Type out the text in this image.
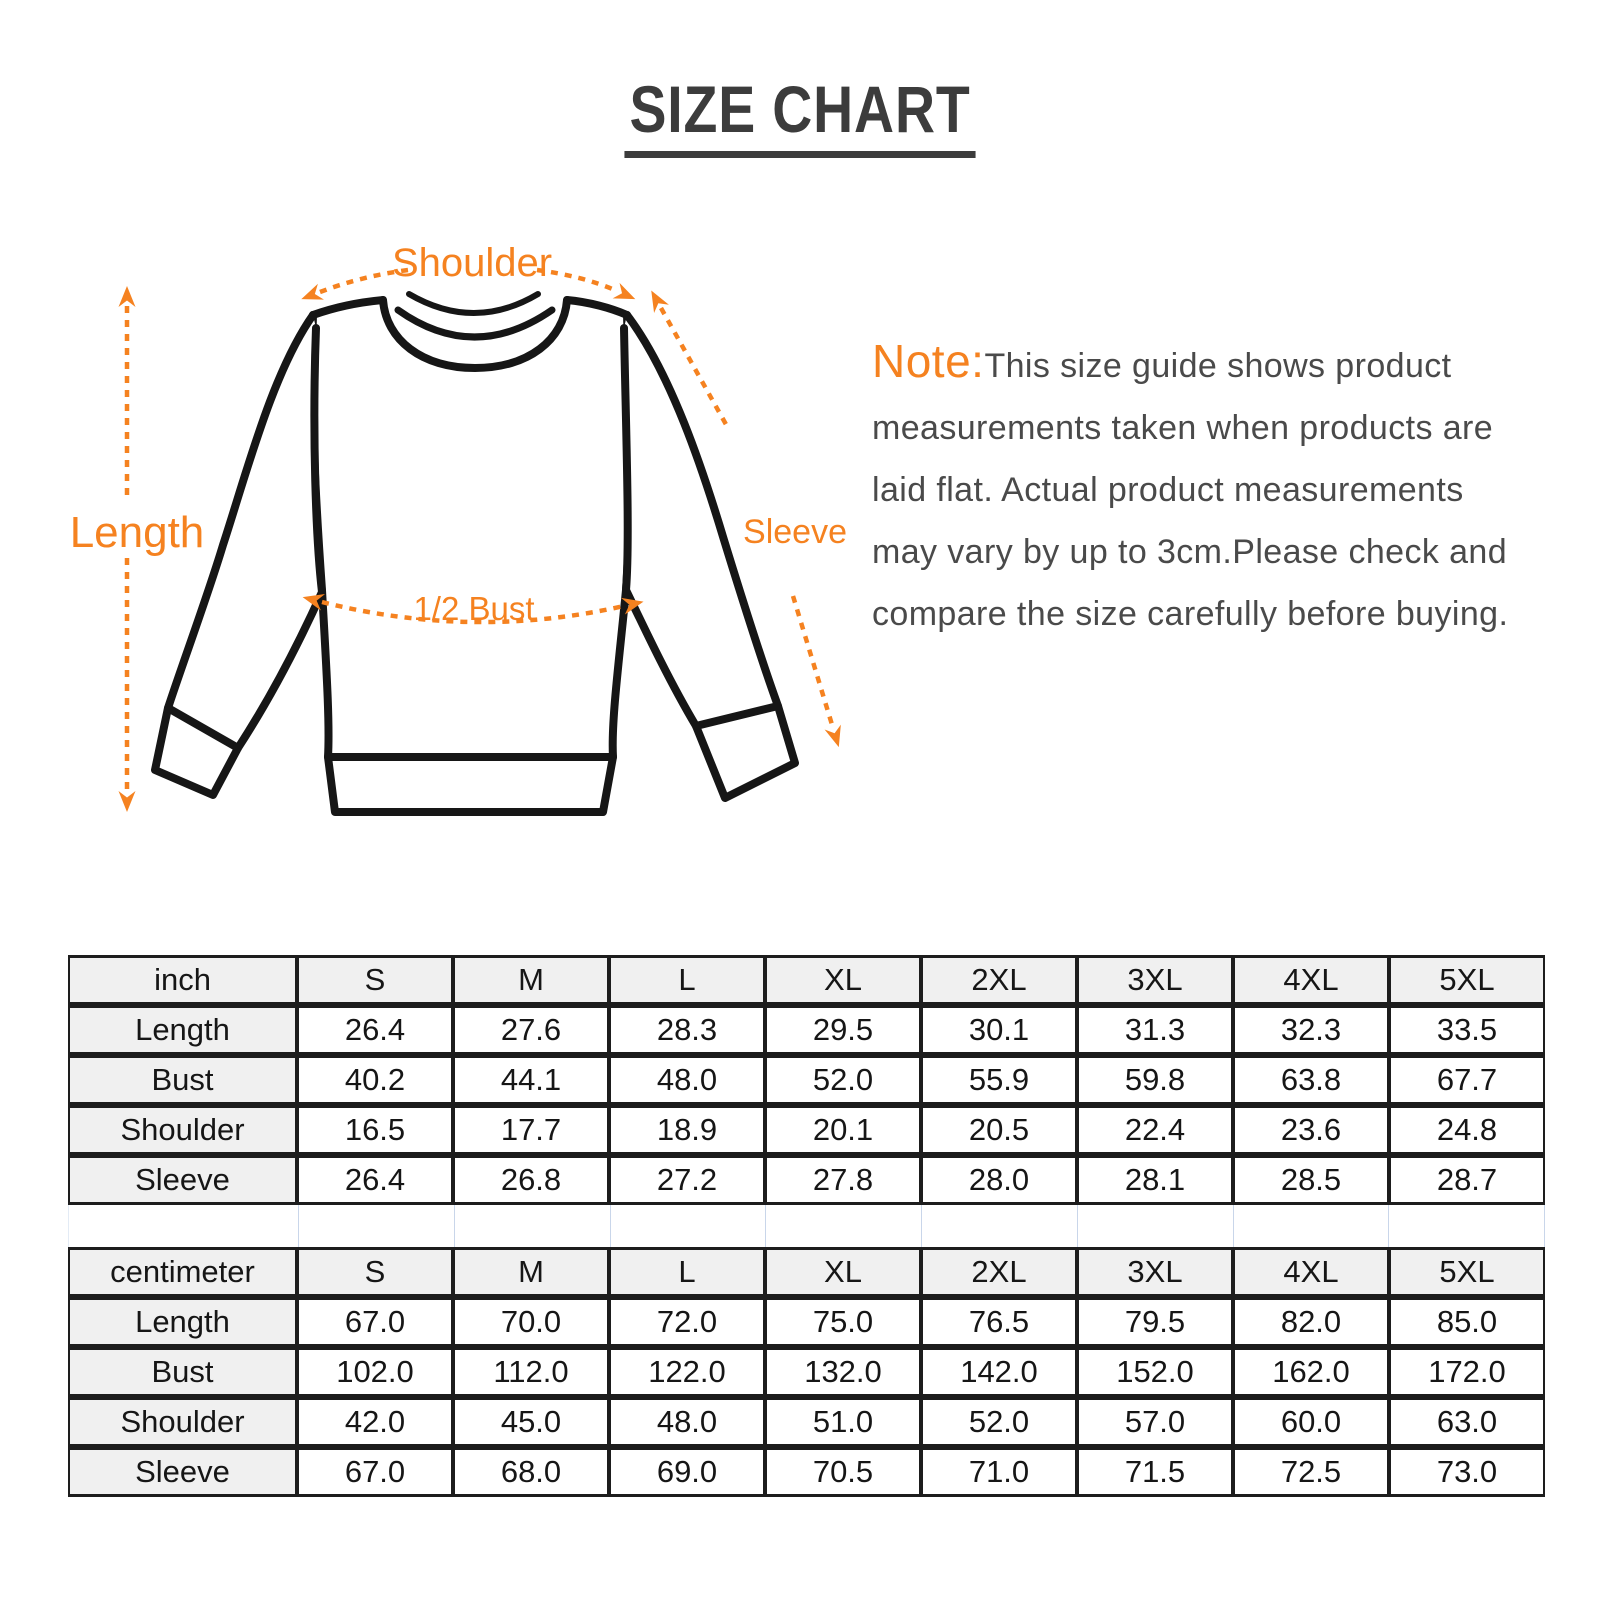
SIZE CHART
Shoulder
Length	Sleeve
1/2 Bust
Note:This size guide shows product
measurements taken when products are
laid flat. Actual product measurements
may vary by up to 3cm.Please check and
compare the size carefully before buying.
inch	S	M	L	XL	2XL	3XL	4XL	5XL
Length	26.4	27.6	28.3	29.5	30.1	31.3	32.3	33.5
Bust	40.2	44.1	48.0	52.0	55.9	59.8	63.8	67.7
Shoulder	16.5	17.7	18.9	20.1	20.5	22.4	23.6	24.8
Sleeve	26.4	26.8	27.2	27.8	28.0	28.1	28.5	28.7
centimeter	S	M	L	XL	2XL	3XL	4XL	5XL
Length	67.0	70.0	72.0	75.0	76.5	79.5	82.0	85.0
Bust	102.0	112.0	122.0	132.0	142.0	152.0	162.0	172.0
Shoulder	42.0	45.0	48.0	51.0	52.0	57.0	60.0	63.0
Sleeve	67.0	68.0	69.0	70.5	71.0	71.5	72.5	73.0
